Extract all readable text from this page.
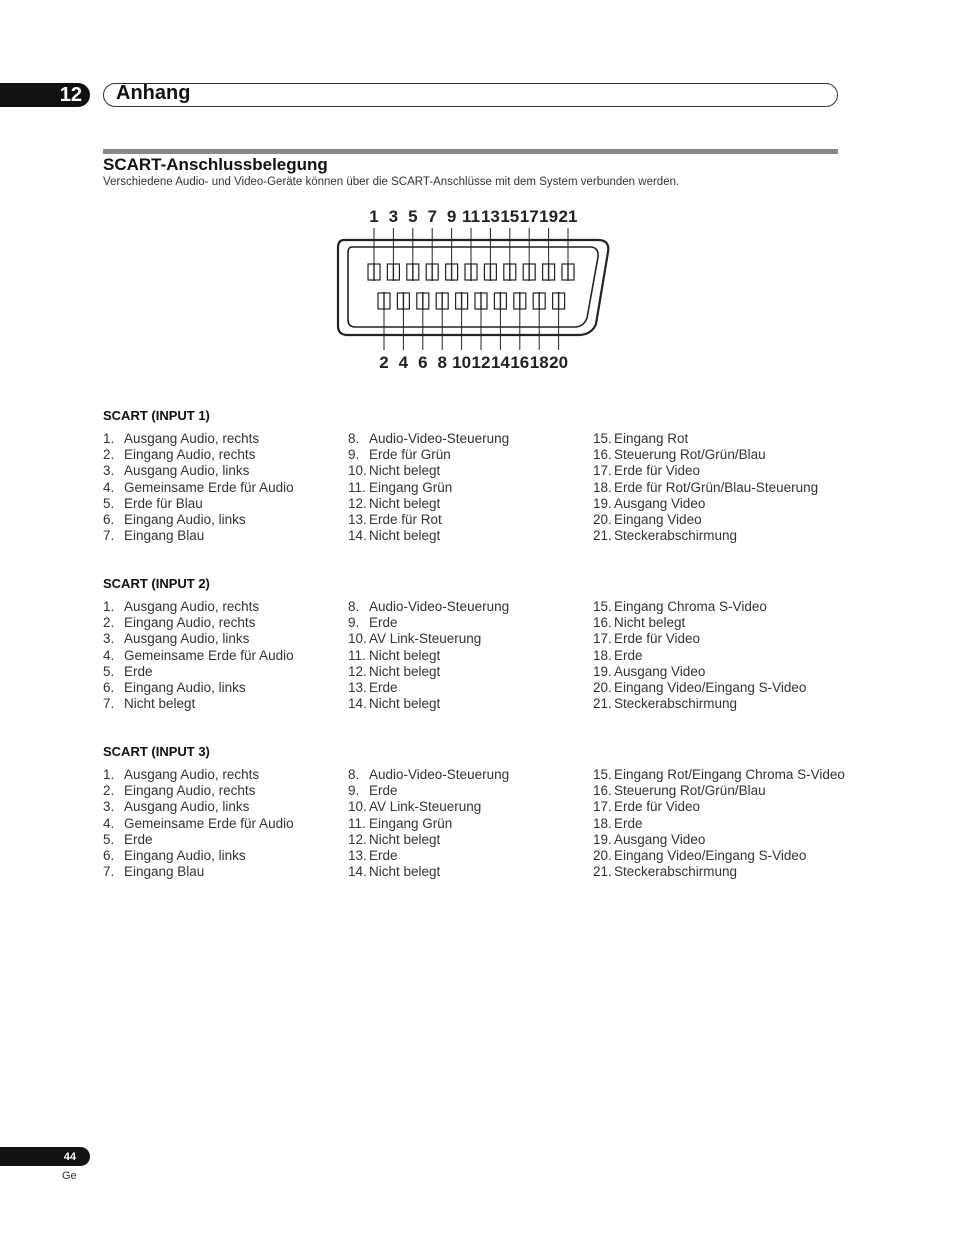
12 Anhang
SCART-Anschlussbelegung
Verschiedene Audio- und Video-Geräte können über die SCART-Anschlüsse mit dem System verbunden werden.
1 3 5 7 9 11 13 15 17 19 21
2 4 6 8 10 12 14 16 18 20
SCART (INPUT 1)
1. Ausgang Audio, rechts
2. Eingang Audio, rechts
3. Ausgang Audio, links
4. Gemeinsame Erde für Audio
5. Erde für Blau
6. Eingang Audio, links
7. Eingang Blau
8. Audio-Video-Steuerung
9. Erde für Grün
10. Nicht belegt
11. Eingang Grün
12. Nicht belegt
13. Erde für Rot
14. Nicht belegt
15. Eingang Rot
16. Steuerung Rot/Grün/Blau
17. Erde für Video
18. Erde für Rot/Grün/Blau-Steuerung
19. Ausgang Video
20. Eingang Video
21. Steckerabschirmung
SCART (INPUT 2)
1. Ausgang Audio, rechts
2. Eingang Audio, rechts
3. Ausgang Audio, links
4. Gemeinsame Erde für Audio
5. Erde
6. Eingang Audio, links
7. Nicht belegt
8. Audio-Video-Steuerung
9. Erde
10. AV Link-Steuerung
11. Nicht belegt
12. Nicht belegt
13. Erde
14. Nicht belegt
15. Eingang Chroma S-Video
16. Nicht belegt
17. Erde für Video
18. Erde
19. Ausgang Video
20. Eingang Video/Eingang S-Video
21. Steckerabschirmung
SCART (INPUT 3)
1. Ausgang Audio, rechts
2. Eingang Audio, rechts
3. Ausgang Audio, links
4. Gemeinsame Erde für Audio
5. Erde
6. Eingang Audio, links
7. Eingang Blau
8. Audio-Video-Steuerung
9. Erde
10. AV Link-Steuerung
11. Eingang Grün
12. Nicht belegt
13. Erde
14. Nicht belegt
15. Eingang Rot/Eingang Chroma S-Video
16. Steuerung Rot/Grün/Blau
17. Erde für Video
18. Erde
19. Ausgang Video
20. Eingang Video/Eingang S-Video
21. Steckerabschirmung
44
Ge
